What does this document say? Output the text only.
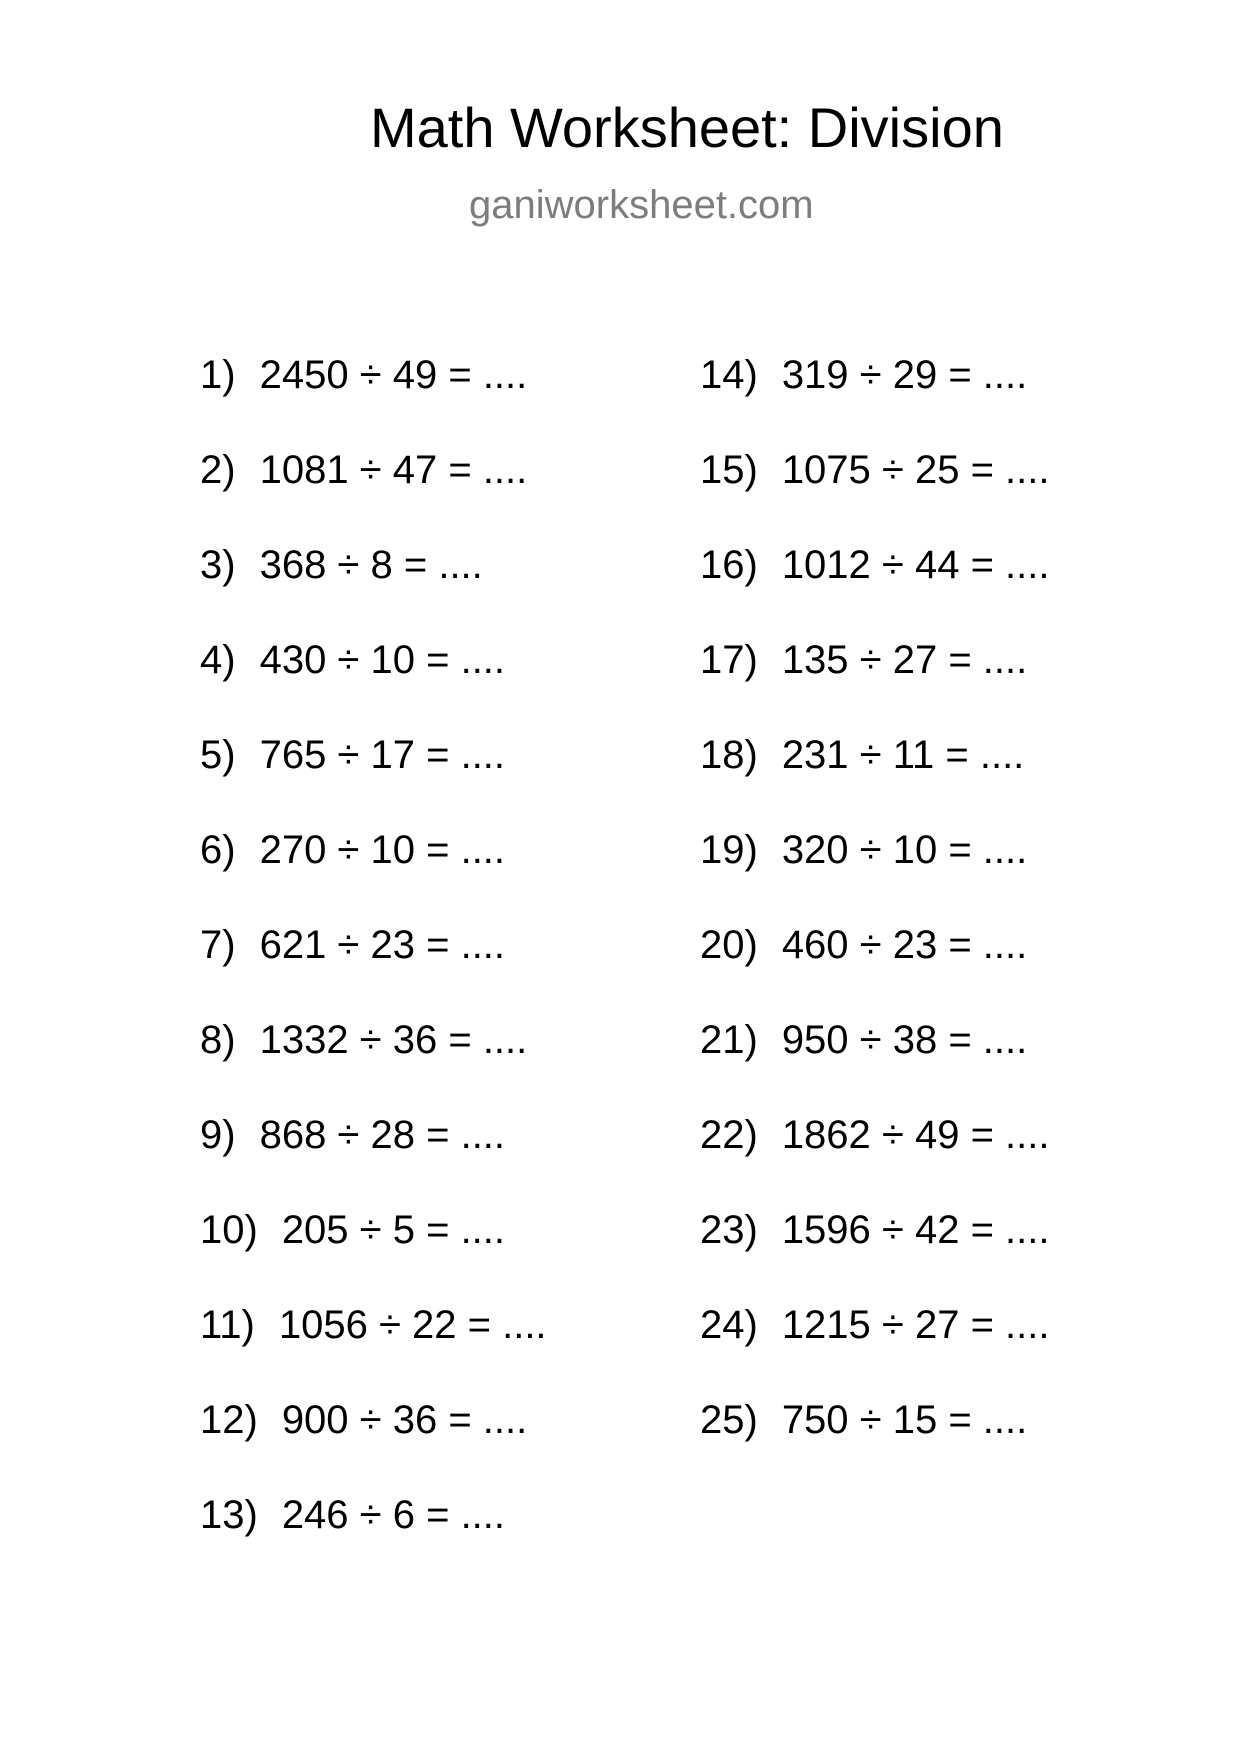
Math Worksheet: Division
ganiworksheet.com
1) 2450 ÷ 49 = ....
2) 1081 ÷ 47 = ....
3) 368 ÷ 8 = ....
4) 430 ÷ 10 = ....
5) 765 ÷ 17 = ....
6) 270 ÷ 10 = ....
7) 621 ÷ 23 = ....
8) 1332 ÷ 36 = ....
9) 868 ÷ 28 = ....
10) 205 ÷ 5 = ....
11) 1056 ÷ 22 = ....
12) 900 ÷ 36 = ....
13) 246 ÷ 6 = ....
14) 319 ÷ 29 = ....
15) 1075 ÷ 25 = ....
16) 1012 ÷ 44 = ....
17) 135 ÷ 27 = ....
18) 231 ÷ 11 = ....
19) 320 ÷ 10 = ....
20) 460 ÷ 23 = ....
21) 950 ÷ 38 = ....
22) 1862 ÷ 49 = ....
23) 1596 ÷ 42 = ....
24) 1215 ÷ 27 = ....
25) 750 ÷ 15 = ....
